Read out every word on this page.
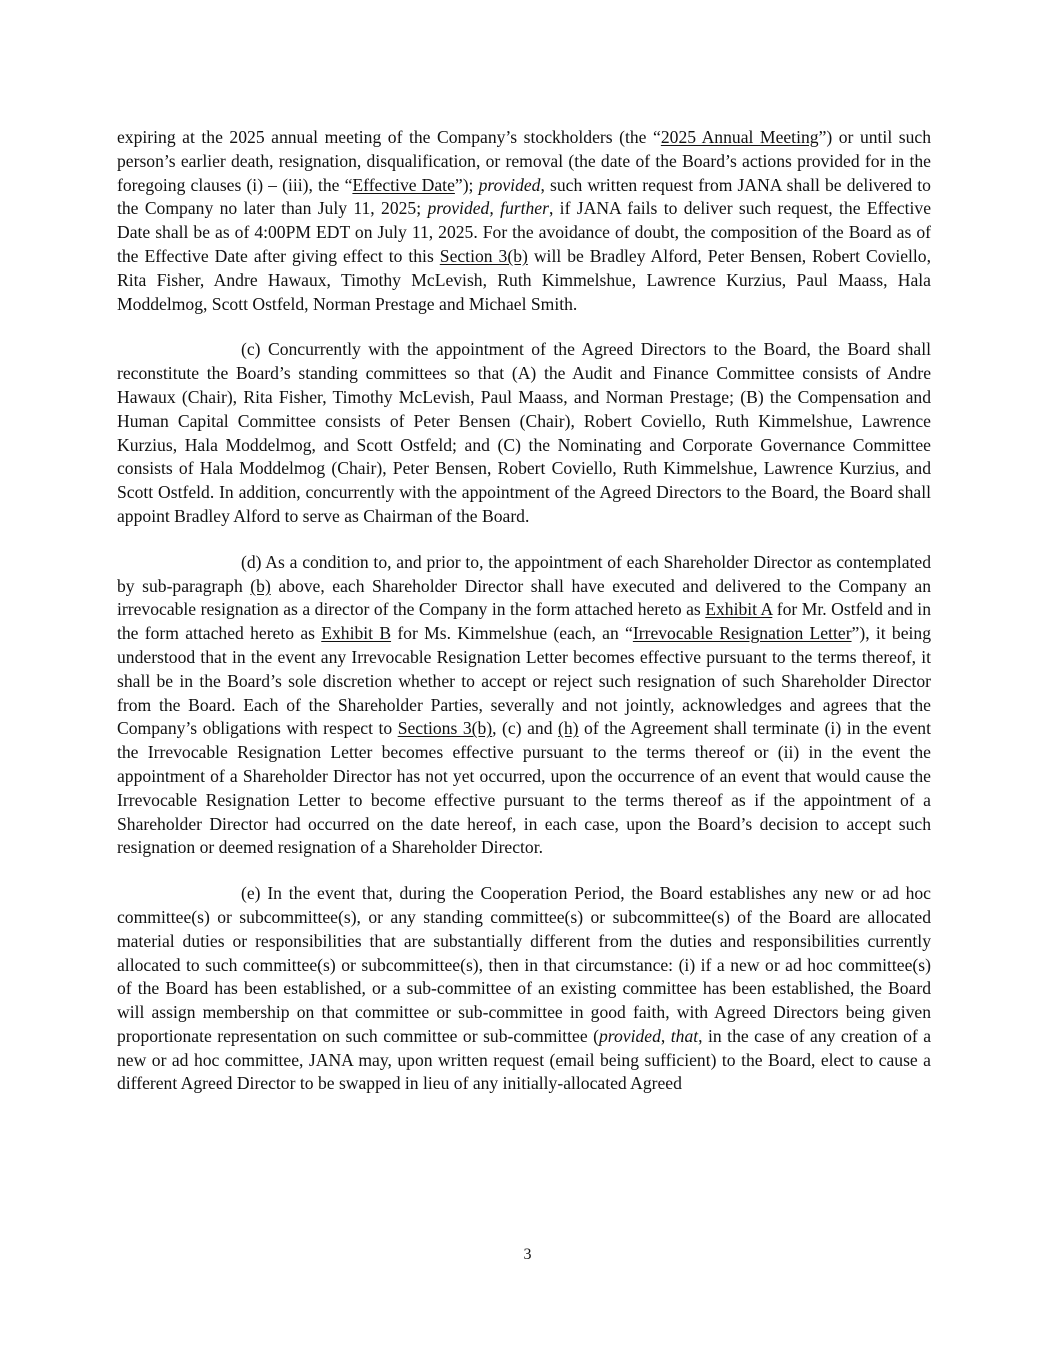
expiring at the 2025 annual meeting of the Company’s stockholders (the “2025 Annual Meeting”) or until such person’s earlier death, resignation, disqualification, or removal (the date of the Board’s actions provided for in the foregoing clauses (i) – (iii), the “Effective Date”); provided, such written request from JANA shall be delivered to the Company no later than July 11, 2025; provided, further, if JANA fails to deliver such request, the Effective Date shall be as of 4:00PM EDT on July 11, 2025. For the avoidance of doubt, the composition of the Board as of the Effective Date after giving effect to this Section 3(b) will be Bradley Alford, Peter Bensen, Robert Coviello, Rita Fisher, Andre Hawaux, Timothy McLevish, Ruth Kimmelshue, Lawrence Kurzius, Paul Maass, Hala Moddelmog, Scott Ostfeld, Norman Prestage and Michael Smith.

(c) Concurrently with the appointment of the Agreed Directors to the Board, the Board shall reconstitute the Board’s standing committees so that (A) the Audit and Finance Committee consists of Andre Hawaux (Chair), Rita Fisher, Timothy McLevish, Paul Maass, and Norman Prestage; (B) the Compensation and Human Capital Committee consists of Peter Bensen (Chair), Robert Coviello, Ruth Kimmelshue, Lawrence Kurzius, Hala Moddelmog, and Scott Ostfeld; and (C) the Nominating and Corporate Governance Committee consists of Hala Moddelmog (Chair), Peter Bensen, Robert Coviello, Ruth Kimmelshue, Lawrence Kurzius, and Scott Ostfeld. In addition, concurrently with the appointment of the Agreed Directors to the Board, the Board shall appoint Bradley Alford to serve as Chairman of the Board.

(d) As a condition to, and prior to, the appointment of each Shareholder Director as contemplated by sub-paragraph (b) above, each Shareholder Director shall have executed and delivered to the Company an irrevocable resignation as a director of the Company in the form attached hereto as Exhibit A for Mr. Ostfeld and in the form attached hereto as Exhibit B for Ms. Kimmelshue (each, an “Irrevocable Resignation Letter”), it being understood that in the event any Irrevocable Resignation Letter becomes effective pursuant to the terms thereof, it shall be in the Board’s sole discretion whether to accept or reject such resignation of such Shareholder Director from the Board. Each of the Shareholder Parties, severally and not jointly, acknowledges and agrees that the Company’s obligations with respect to Sections 3(b), (c) and (h) of the Agreement shall terminate (i) in the event the Irrevocable Resignation Letter becomes effective pursuant to the terms thereof or (ii) in the event the appointment of a Shareholder Director has not yet occurred, upon the occurrence of an event that would cause the Irrevocable Resignation Letter to become effective pursuant to the terms thereof as if the appointment of a Shareholder Director had occurred on the date hereof, in each case, upon the Board’s decision to accept such resignation or deemed resignation of a Shareholder Director.

(e) In the event that, during the Cooperation Period, the Board establishes any new or ad hoc committee(s) or subcommittee(s), or any standing committee(s) or subcommittee(s) of the Board are allocated material duties or responsibilities that are substantially different from the duties and responsibilities currently allocated to such committee(s) or subcommittee(s), then in that circumstance: (i) if a new or ad hoc committee(s) of the Board has been established, or a sub-committee of an existing committee has been established, the Board will assign membership on that committee or sub-committee in good faith, with Agreed Directors being given proportionate representation on such committee or sub-committee (provided, that, in the case of any creation of a new or ad hoc committee, JANA may, upon written request (email being sufficient) to the Board, elect to cause a different Agreed Director to be swapped in lieu of any initially-allocated Agreed

3
